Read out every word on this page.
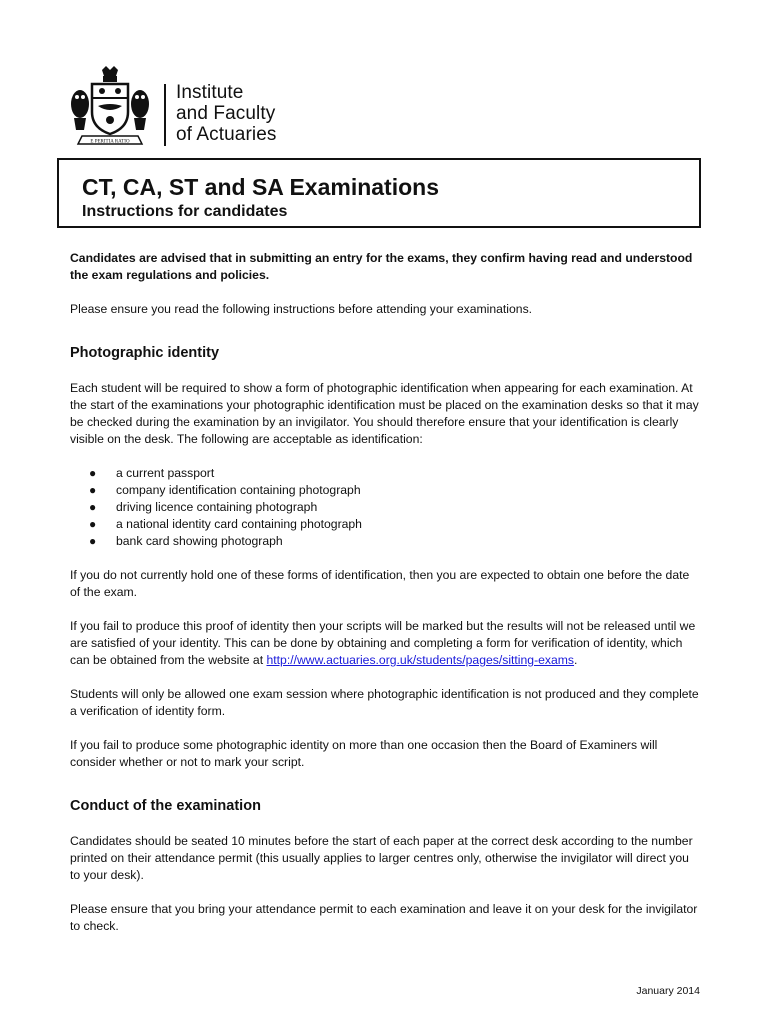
E PERITIA RATIO
Institute
and Faculty
of Actuaries
CT, CA, ST and SA Examinations
Instructions for candidates

Candidates are advised that in submitting an entry for the exams, they confirm having read and understood the exam regulations and policies.

Please ensure you read the following instructions before attending your examinations.

Photographic identity

Each student will be required to show a form of photographic identification when appearing for each examination. At the start of the examinations your photographic identification must be placed on the examination desks so that it may be checked during the examination by an invigilator. You should therefore ensure that your identification is clearly visible on the desk. The following are acceptable as identification:

● a current passport
● company identification containing photograph
● driving licence containing photograph
● a national identity card containing photograph
● bank card showing photograph

If you do not currently hold one of these forms of identification, then you are expected to obtain one before the date of the exam.

If you fail to produce this proof of identity then your scripts will be marked but the results will not be released until we are satisfied of your identity. This can be done by obtaining and completing a form for verification of identity, which can be obtained from the website at http://www.actuaries.org.uk/students/pages/sitting-exams.

Students will only be allowed one exam session where photographic identification is not produced and they complete a verification of identity form.

If you fail to produce some photographic identity on more than one occasion then the Board of Examiners will consider whether or not to mark your script.

Conduct of the examination

Candidates should be seated 10 minutes before the start of each paper at the correct desk according to the number printed on their attendance permit (this usually applies to larger centres only, otherwise the invigilator will direct you to your desk).

Please ensure that you bring your attendance permit to each examination and leave it on your desk for the invigilator to check.

January 2014
